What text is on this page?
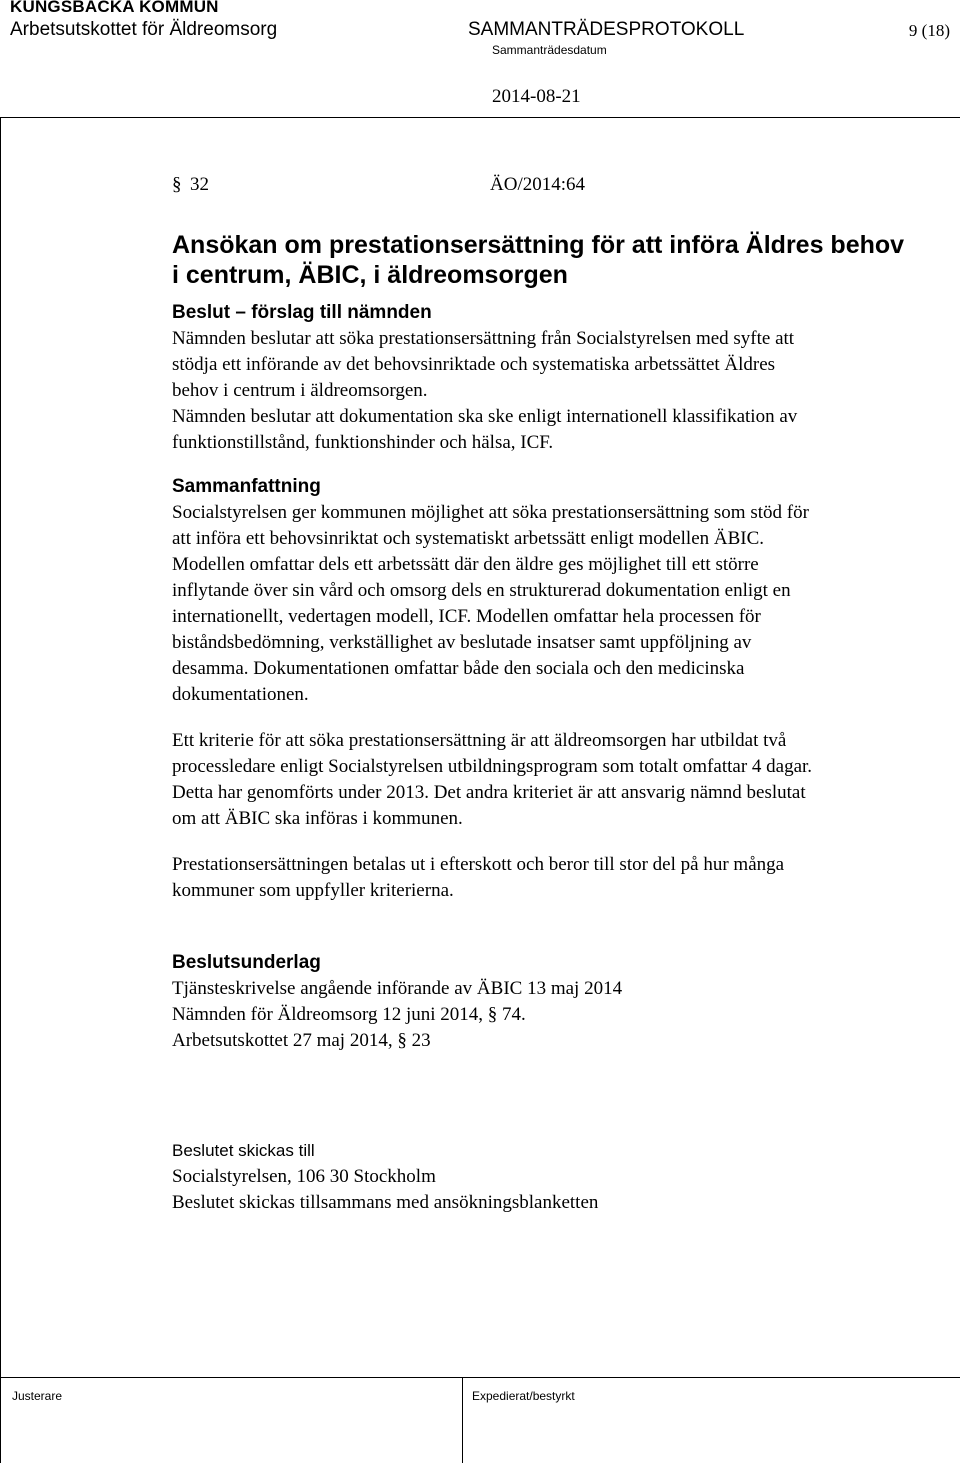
KUNGSBACKA KOMMUN
Arbetsutskottet för Äldreomsorg	SAMMANTRÄDESPROTOKOLL	9 (18)
Sammanträdesdatum
2014-08-21
§ 32	ÄO/2014:64
Ansökan om prestationsersättning för att införa Äldres behov
i centrum, ÄBIC, i äldreomsorgen
Beslut – förslag till nämnden
Nämnden beslutar att söka prestationsersättning från Socialstyrelsen med syfte att
stödja ett införande av det behovsinriktade och systematiska arbetssättet Äldres
behov i centrum i äldreomsorgen.
Nämnden beslutar att dokumentation ska ske enligt internationell klassifikation av
funktionstillstånd, funktionshinder och hälsa, ICF.
Sammanfattning
Socialstyrelsen ger kommunen möjlighet att söka prestationsersättning som stöd för
att införa ett behovsinriktat och systematiskt arbetssätt enligt modellen ÄBIC.
Modellen omfattar dels ett arbetssätt där den äldre ges möjlighet till ett större
inflytande över sin vård och omsorg dels en strukturerad dokumentation enligt en
internationellt, vedertagen modell, ICF. Modellen omfattar hela processen för
biståndsbedömning, verkställighet av beslutade insatser samt uppföljning av
desamma. Dokumentationen omfattar både den sociala och den medicinska
dokumentationen.
Ett kriterie för att söka prestationsersättning är att äldreomsorgen har utbildat två
processledare enligt Socialstyrelsen utbildningsprogram som totalt omfattar 4 dagar.
Detta har genomförts under 2013. Det andra kriteriet är att ansvarig nämnd beslutat
om att ÄBIC ska införas i kommunen.
Prestationsersättningen betalas ut i efterskott och beror till stor del på hur många
kommuner som uppfyller kriterierna.
Beslutsunderlag
Tjänsteskrivelse angående införande av ÄBIC 13 maj 2014
Nämnden för Äldreomsorg 12 juni 2014, § 74.
Arbetsutskottet 27 maj 2014, § 23
Beslutet skickas till
Socialstyrelsen, 106 30 Stockholm
Beslutet skickas tillsammans med ansökningsblanketten
Justerare	Expedierat/bestyrkt
